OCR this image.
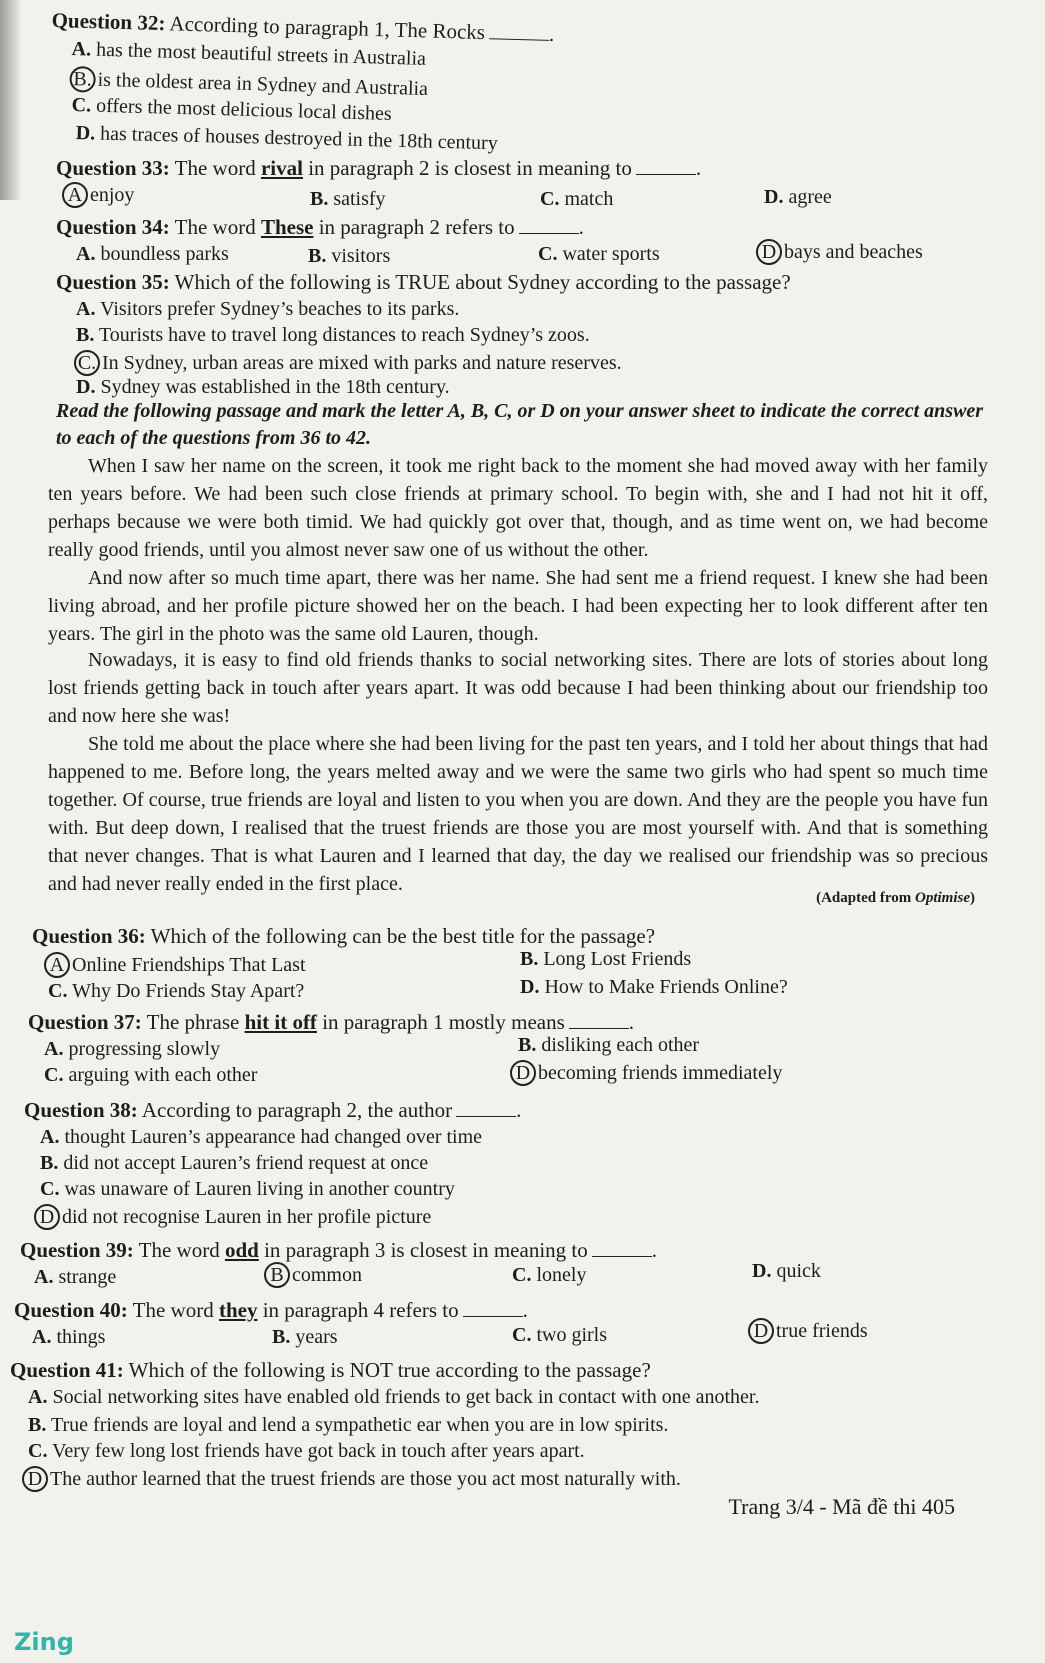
Question 32: According to paragraph 1, The Rocks	.
A. has the most beautiful streets in Australia
B. is the oldest area in Sydney and Australia
C. offers the most delicious local dishes
D. has traces of houses destroyed in the 18th century
Question 33: The word rival in paragraph 2 is closest in meaning to	.
A enjoy	B. satisfy	C. match	D. agree
Question 34: The word These in paragraph 2 refers to	.
A. boundless parks	B. visitors	C. water sports	D bays and beaches
Question 35: Which of the following is TRUE about Sydney according to the passage?
A. Visitors prefer Sydney’s beaches to its parks.
B. Tourists have to travel long distances to reach Sydney’s zoos.
C. In Sydney, urban areas are mixed with parks and nature reserves.
D. Sydney was established in the 18th century.
Read the following passage and mark the letter A, B, C, or D on your answer sheet to indicate the correct answer to each of the questions from 36 to 42.
When I saw her name on the screen, it took me right back to the moment she had moved away with her family ten years before. We had been such close friends at primary school. To begin with, she and I had not hit it off, perhaps because we were both timid. We had quickly got over that, though, and as time went on, we had become really good friends, until you almost never saw one of us without the other.
And now after so much time apart, there was her name. She had sent me a friend request. I knew she had been living abroad, and her profile picture showed her on the beach. I had been expecting her to look different after ten years. The girl in the photo was the same old Lauren, though.
Nowadays, it is easy to find old friends thanks to social networking sites. There are lots of stories about long lost friends getting back in touch after years apart. It was odd because I had been thinking about our friendship too and now here she was!
She told me about the place where she had been living for the past ten years, and I told her about things that had happened to me. Before long, the years melted away and we were the same two girls who had spent so much time together. Of course, true friends are loyal and listen to you when you are down. And they are the people you have fun with. But deep down, I realised that the truest friends are those you are most yourself with. And that is something that never changes. That is what Lauren and I learned that day, the day we realised our friendship was so precious and had never really ended in the first place.
(Adapted from Optimise)
Question 36: Which of the following can be the best title for the passage?
A Online Friendships That Last	B. Long Lost Friends
C. Why Do Friends Stay Apart?	D. How to Make Friends Online?
Question 37: The phrase hit it off in paragraph 1 mostly means	.
A. progressing slowly	B. disliking each other
C. arguing with each other	D becoming friends immediately
Question 38: According to paragraph 2, the author	.
A. thought Lauren’s appearance had changed over time
B. did not accept Lauren’s friend request at once
C. was unaware of Lauren living in another country
D did not recognise Lauren in her profile picture
Question 39: The word odd in paragraph 3 is closest in meaning to	.
A. strange	B common	C. lonely	D. quick
Question 40: The word they in paragraph 4 refers to	.
A. things	B. years	C. two girls	D true friends
Question 41: Which of the following is NOT true according to the passage?
A. Social networking sites have enabled old friends to get back in contact with one another.
B. True friends are loyal and lend a sympathetic ear when you are in low spirits.
C. Very few long lost friends have got back in touch after years apart.
D The author learned that the truest friends are those you act most naturally with.
Trang 3/4 - Mã đề thi 405
Zing
